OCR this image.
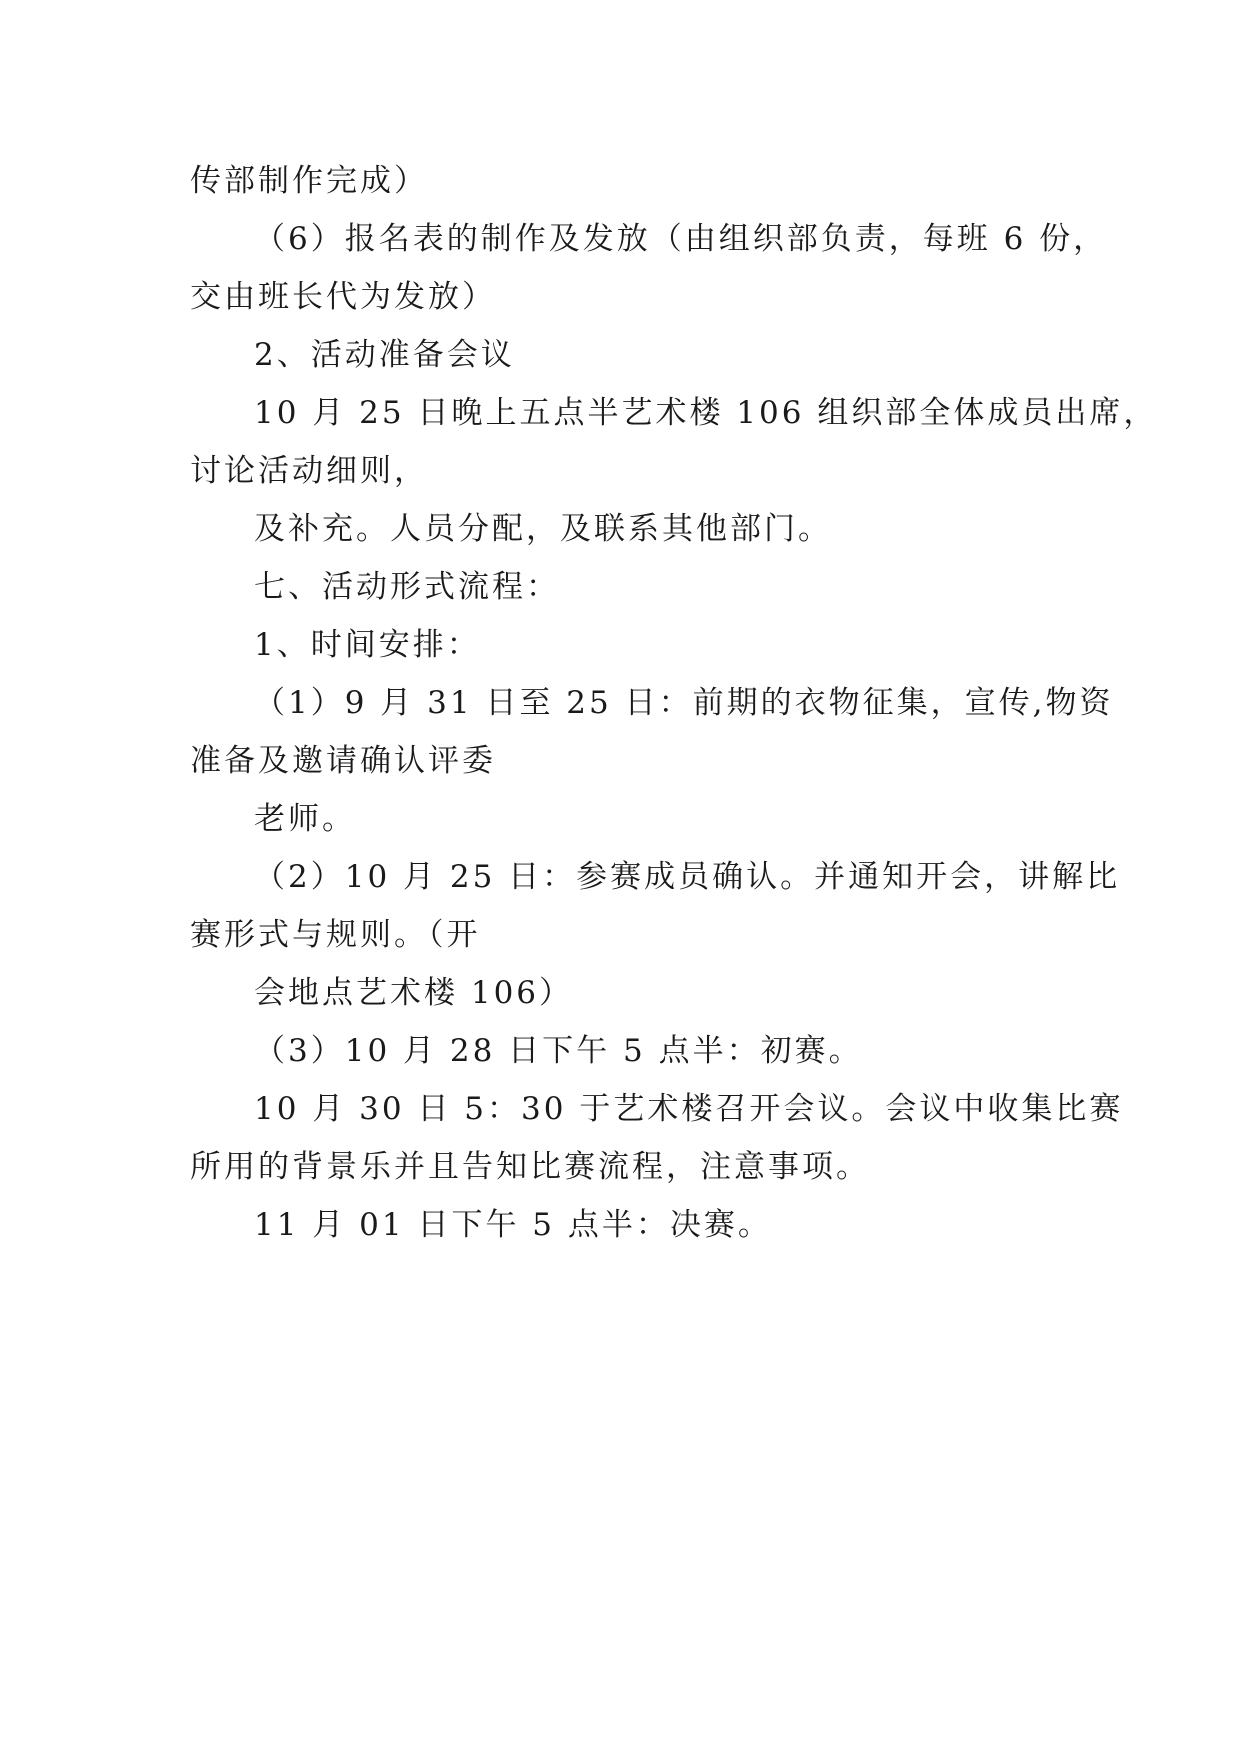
传部制作完成）
（6）报名表的制作及发放（由组织部负责，每班 6 份，
交由班长代为发放）
2、活动准备会议
10 月 25 日晚上五点半艺术楼 106 组织部全体成员出席，
讨论活动细则，
及补充。人员分配，及联系其他部门。
七、活动形式流程：
1、时间安排：
（1）9 月 31 日至 25 日：前期的衣物征集，宣传,物资
准备及邀请确认评委
老师。
（2）10 月 25 日：参赛成员确认。并通知开会，讲解比
赛形式与规则。（开
会地点艺术楼 106）
（3）10 月 28 日下午 5 点半：初赛。
10 月 30 日 5：30 于艺术楼召开会议。会议中收集比赛
所用的背景乐并且告知比赛流程，注意事项。
11 月 01 日下午 5 点半：决赛。
